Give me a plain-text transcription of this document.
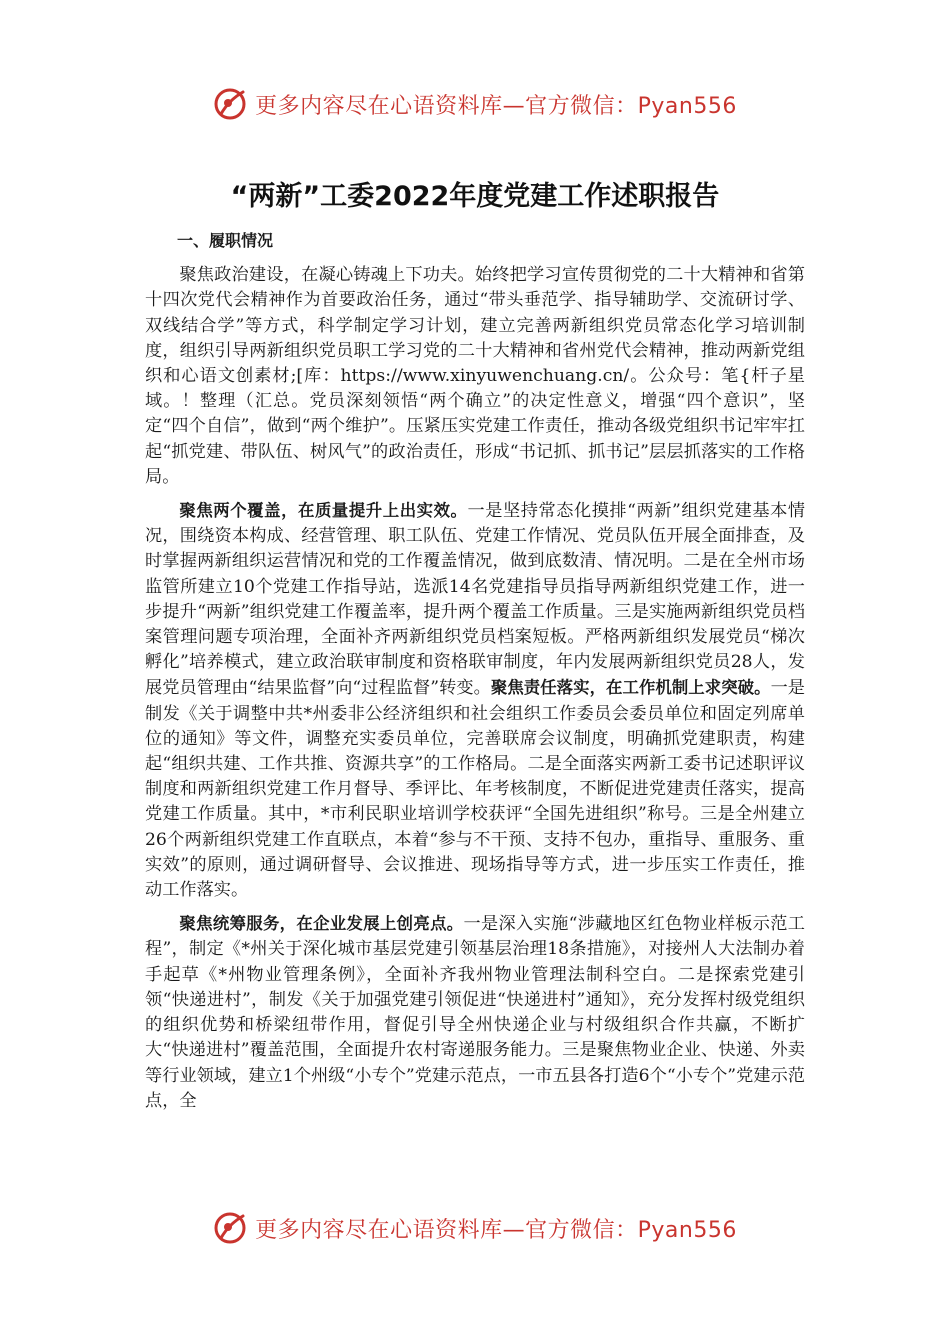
更多内容尽在心语资料库—官方微信：Pyan556
“两新”工委2022年度党建工作述职报告

一、履职情况

聚焦政治建设，在凝心铸魂上下功夫。始终把学习宣传贯彻党的二十大精神和省第十四次党代会精神作为首要政治任务，通过“带头垂范学、指导辅助学、交流研讨学、双线结合学”等方式，科学制定学习计划，建立完善两新组织党员常态化学习培训制度，组织引导两新组织党员职工学习党的二十大精神和省州党代会精神，推动两新党组织和心语文创素材;[库：https://www.xinyuwenchuang.cn/。公众号：笔{杆子星域。！整理（汇总。党员深刻领悟“两个确立”的决定性意义，增强“四个意识”，坚定“四个自信”，做到“两个维护”。压紧压实党建工作责任，推动各级党组织书记牢牢扛起“抓党建、带队伍、树风气”的政治责任，形成“书记抓、抓书记”层层抓落实的工作格局。

聚焦两个覆盖，在质量提升上出实效。一是坚持常态化摸排“两新”组织党建基本情况，围绕资本构成、经营管理、职工队伍、党建工作情况、党员队伍开展全面排查，及时掌握两新组织运营情况和党的工作覆盖情况，做到底数清、情况明。二是在全州市场监管所建立10个党建工作指导站，选派14名党建指导员指导两新组织党建工作，进一步提升“两新”组织党建工作覆盖率，提升两个覆盖工作质量。三是实施两新组织党员档案管理问题专项治理，全面补齐两新组织党员档案短板。严格两新组织发展党员“梯次孵化”培养模式，建立政治联审制度和资格联审制度，年内发展两新组织党员28人，发展党员管理由“结果监督”向“过程监督”转变。聚焦责任落实，在工作机制上求突破。一是制发《关于调整中共*州委非公经济组织和社会组织工作委员会委员单位和固定列席单位的通知》等文件，调整充实委员单位，完善联席会议制度，明确抓党建职责，构建起“组织共建、工作共推、资源共享”的工作格局。二是全面落实两新工委书记述职评议制度和两新组织党建工作月督导、季评比、年考核制度，不断促进党建责任落实，提高党建工作质量。其中，*市利民职业培训学校获评“全国先进组织”称号。三是全州建立26个两新组织党建工作直联点，本着“参与不干预、支持不包办，重指导、重服务、重实效”的原则，通过调研督导、会议推进、现场指导等方式，进一步压实工作责任，推动工作落实。

聚焦统筹服务，在企业发展上创亮点。一是深入实施“涉藏地区红色物业样板示范工程”，制定《*州关于深化城市基层党建引领基层治理18条措施》，对接州人大法制办着手起草《*州物业管理条例》，全面补齐我州物业管理法制科空白。二是探索党建引领“快递进村”，制发《关于加强党建引领促进“快递进村”通知》，充分发挥村级党组织的组织优势和桥梁纽带作用，督促引导全州快递企业与村级组织合作共赢，不断扩大“快递进村”覆盖范围，全面提升农村寄递服务能力。三是聚焦物业企业、快递、外卖等行业领域，建立1个州级“小专个”党建示范点，一市五县各打造6个“小专个”党建示范点，全

更多内容尽在心语资料库—官方微信：Pyan556
